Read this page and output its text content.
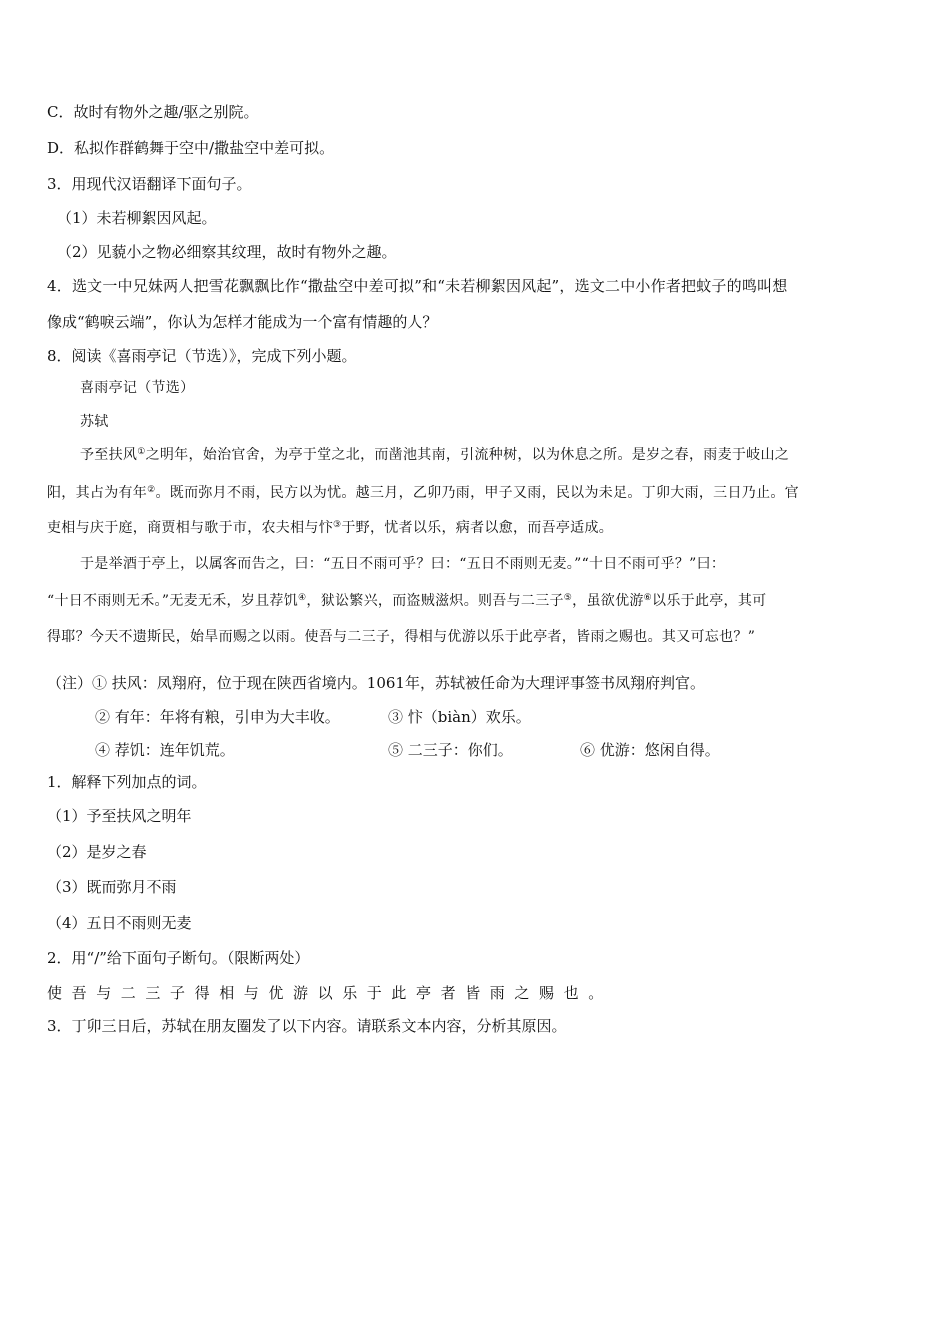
C．故时有物外之趣/驱之别院。
D．私拟作群鹤舞于空中/撒盐空中差可拟。
3．用现代汉语翻译下面句子。
（1）未若柳絮因风起。
（2）见藐小之物必细察其纹理，故时有物外之趣。
4．选文一中兄妹两人把雪花飘飘比作“撒盐空中差可拟”和“未若柳絮因风起”，选文二中小作者把蚊子的鸣叫想
像成“鹤唳云端”，你认为怎样才能成为一个富有情趣的人？
8．阅读《喜雨亭记（节选）》，完成下列小题。
喜雨亭记（节选）
苏轼
予至扶风①之明年，始治官舍，为亭于堂之北，而凿池其南，引流种树，以为休息之所。是岁之春，雨麦于岐山之
阳，其占为有年②。既而弥月不雨，民方以为忧。越三月，乙卯乃雨，甲子又雨，民以为未足。丁卯大雨，三日乃止。官
吏相与庆于庭，商贾相与歌于市，农夫相与忭③于野，忧者以乐，病者以愈，而吾亭适成。
于是举酒于亭上，以属客而告之，曰：“五日不雨可乎？曰：“五日不雨则无麦。”“十日不雨可乎？”曰：
“十日不雨则无禾。”无麦无禾，岁且荐饥④，狱讼繁兴，而盗贼滋炽。则吾与二三子⑤，虽欲优游⑥以乐于此亭，其可
得耶？今天不遗斯民，始旱而赐之以雨。使吾与二三子，得相与优游以乐于此亭者，皆雨之赐也。其又可忘也？”
（注）① 扶风：凤翔府，位于现在陕西省境内。1061年，苏轼被任命为大理评事签书凤翔府判官。
② 有年：年将有粮，引申为大丰收。	③ 忭（biàn）欢乐。
④ 荐饥：连年饥荒。	⑤ 二三子：你们。	⑥ 优游：悠闲自得。
1．解释下列加点的词。
（1）予至扶风之明年
（2）是岁之春
（3）既而弥月不雨
（4）五日不雨则无麦
2．用“/”给下面句子断句。（限断两处）
使吾与二三子得相与优游以乐于此亭者皆雨之赐也。
3．丁卯三日后，苏轼在朋友圈发了以下内容。请联系文本内容，分析其原因。
